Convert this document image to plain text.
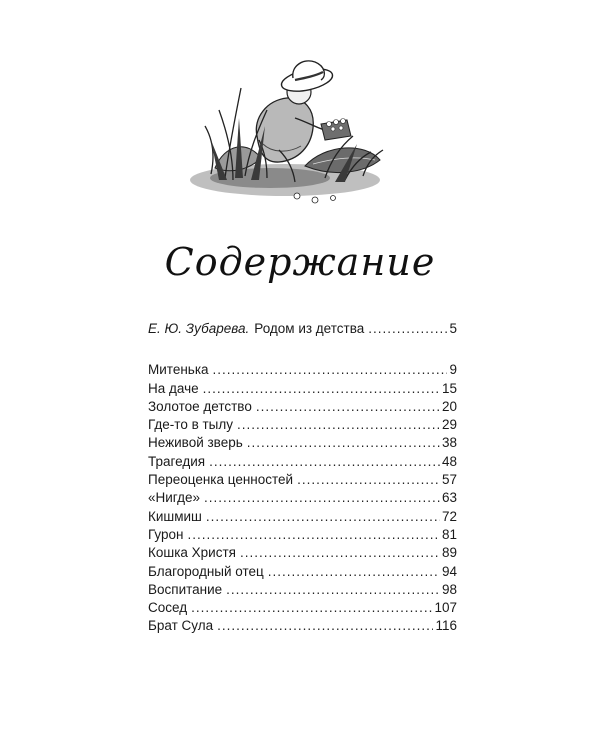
Содержание
Е. Ю. Зубарева. Родом из детства .....	5
Митенька .....	9
На даче .....	15
Золотое детство .....	20
Где-то в тылу .....	29
Неживой зверь .....	38
Трагедия .....	48
Переоценка ценностей .....	57
«Нигде» .....	63
Кишмиш .....	72
Гурон .....	81
Кошка Христя .....	89
Благородный отец .....	94
Воспитание .....	98
Сосед .....	107
Брат Сула .....	116
